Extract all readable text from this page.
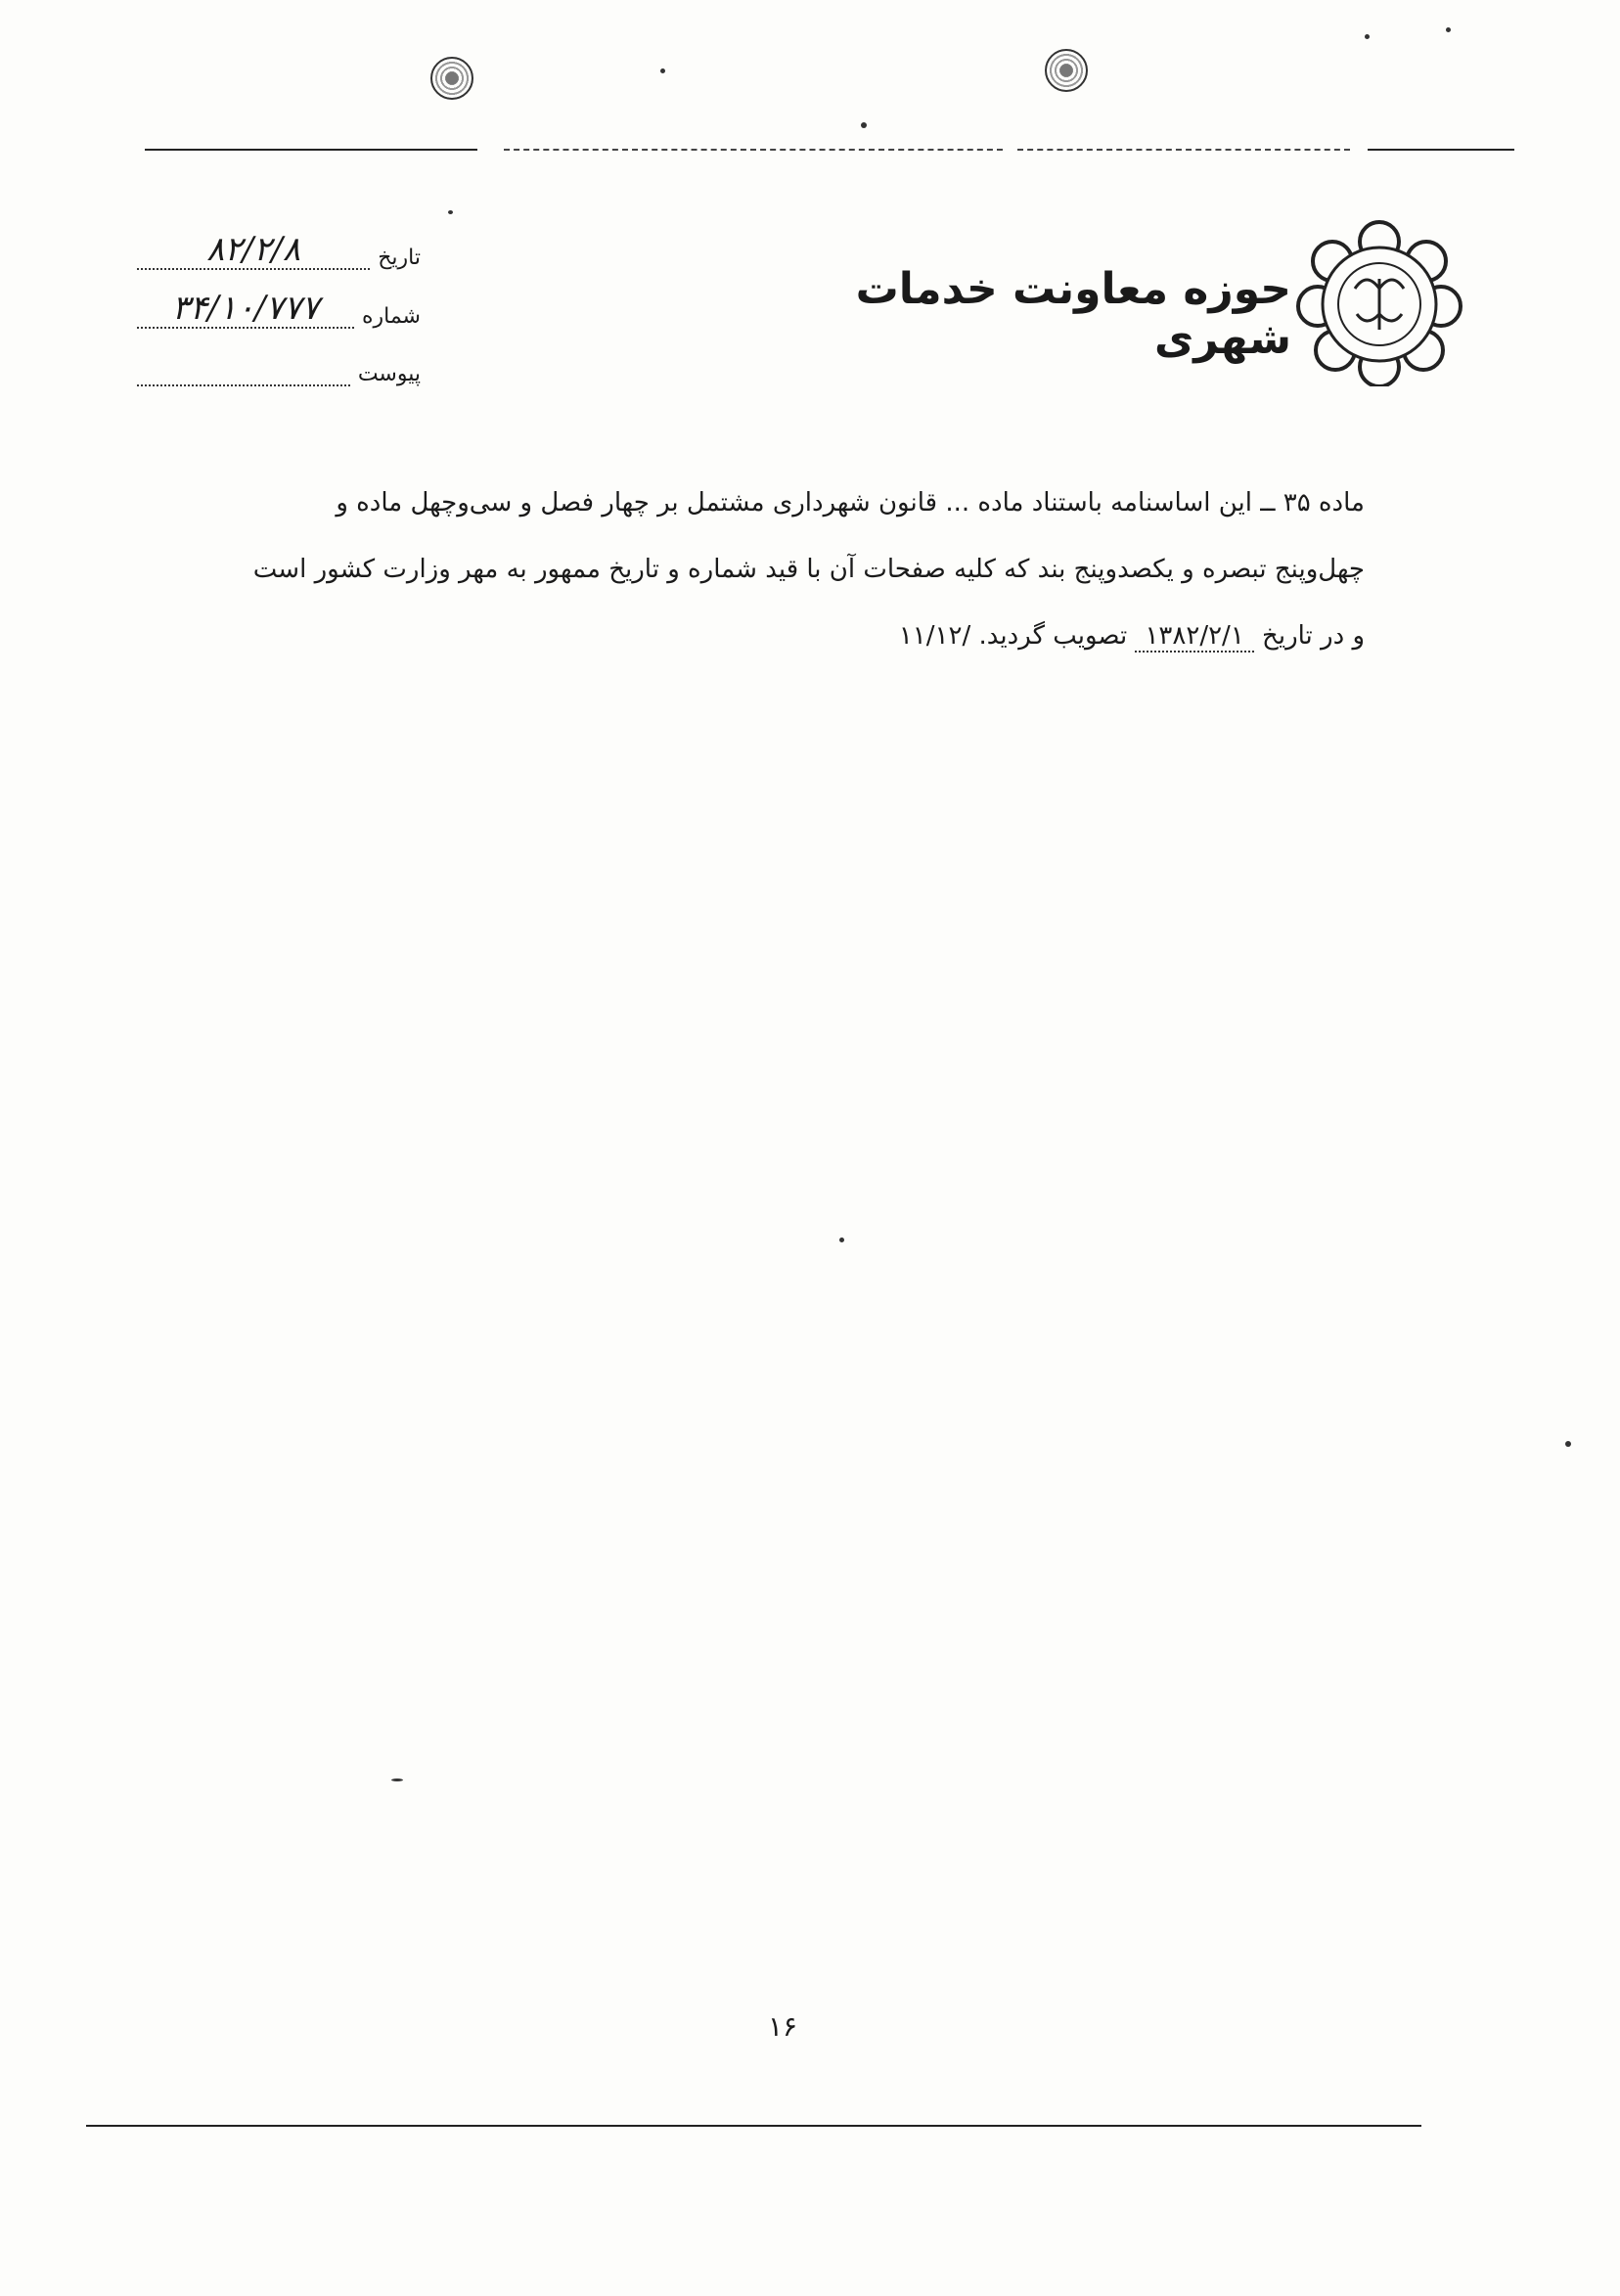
حوزه معاونت خدمات شهری
تاریخ
۸۲/۲/۸
شماره
۳۴/۱۰/۷۷۷
پیوست
ماده ۳۵ ــ این اساسنامه باستناد ماده ... قانون شهرداری مشتمل بر چهار فصل و سی‌وچهل ماده و
چهل‌وپنج تبصره و یکصدوپنج بند که کلیه صفحات آن با قید شماره و تاریخ ممهور به مهر وزارت کشور است
و در تاریخ ۱۳۸۲/۲/۱ تصویب گردید. /۱۱/۱۲
۱۶
